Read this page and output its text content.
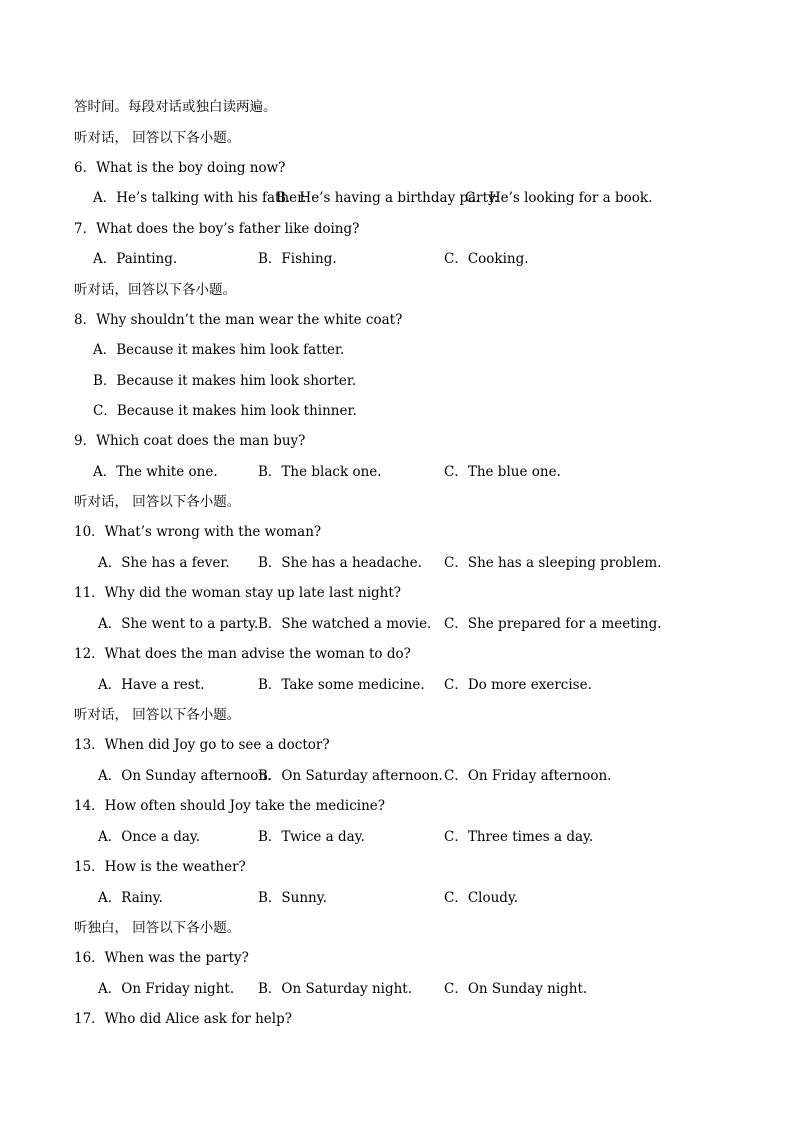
答时间。每段对话或独白读两遍。
听对话， 回答以下各小题。
6．What is the boy doing now?
A．He’s talking with his father.
B．He’s having a birthday party.
C．He’s looking for a book.
7．What does the boy’s father like doing?
A．Painting.	B．Fishing.	C．Cooking.
听对话，回答以下各小题。
8．Why shouldn’t the man wear the white coat?
A．Because it makes him look fatter.
B．Because it makes him look shorter.
C．Because it makes him look thinner.
9．Which coat does the man buy?
A．The white one.	B．The black one.	C．The blue one.
听对话， 回答以下各小题。
10．What’s wrong with the woman?
A．She has a fever. B．She has a headache. C．She has a sleeping problem.
11．Why did the woman stay up late last night?
A．She went to a party. B．She watched a movie. C．She prepared for a meeting.
12．What does the man advise the woman to do?
A．Have a rest.	B．Take some medicine. C．Do more exercise.
听对话， 回答以下各小题。
13．When did Joy go to see a doctor?
A．On Sunday afternoon.
B．On Saturday afternoon. C．On Friday afternoon.
14．How often should Joy take the medicine?
A．Once a day.	B．Twice a day.	C．Three times a day.
15．How is the weather?
A．Rainy.	B．Sunny.	C．Cloudy.
听独白， 回答以下各小题。
16．When was the party?
A．On Friday night. B．On Saturday night. C．On Sunday night.
17．Who did Alice ask for help?
